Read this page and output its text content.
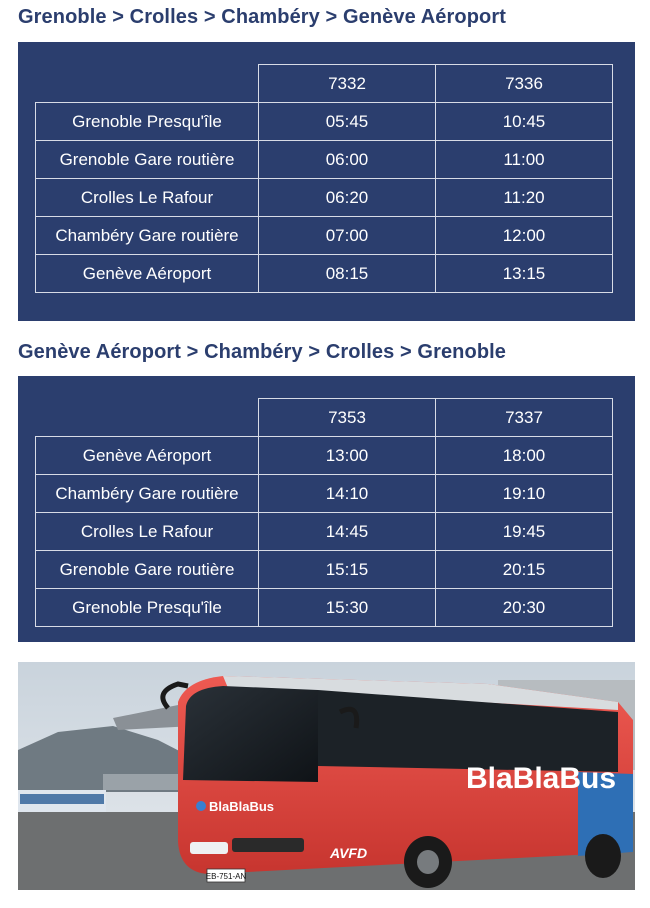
Grenoble > Crolles > Chambéry > Genève Aéroport
	7332	7336
Grenoble Presqu'île	05:45	10:45
Grenoble Gare routière	06:00	11:00
Crolles Le Rafour	06:20	11:20
Chambéry Gare routière	07:00	12:00
Genève Aéroport	08:15	13:15
Genève Aéroport > Chambéry > Crolles > Grenoble
	7353	7337
Genève Aéroport	13:00	18:00
Chambéry Gare routière	14:10	19:10
Crolles Le Rafour	14:45	19:45
Grenoble Gare routière	15:15	20:15
Grenoble Presqu'île	15:30	20:30
EB-751-AN
BlaBlaBus
BlaBlaBus
AVFD
